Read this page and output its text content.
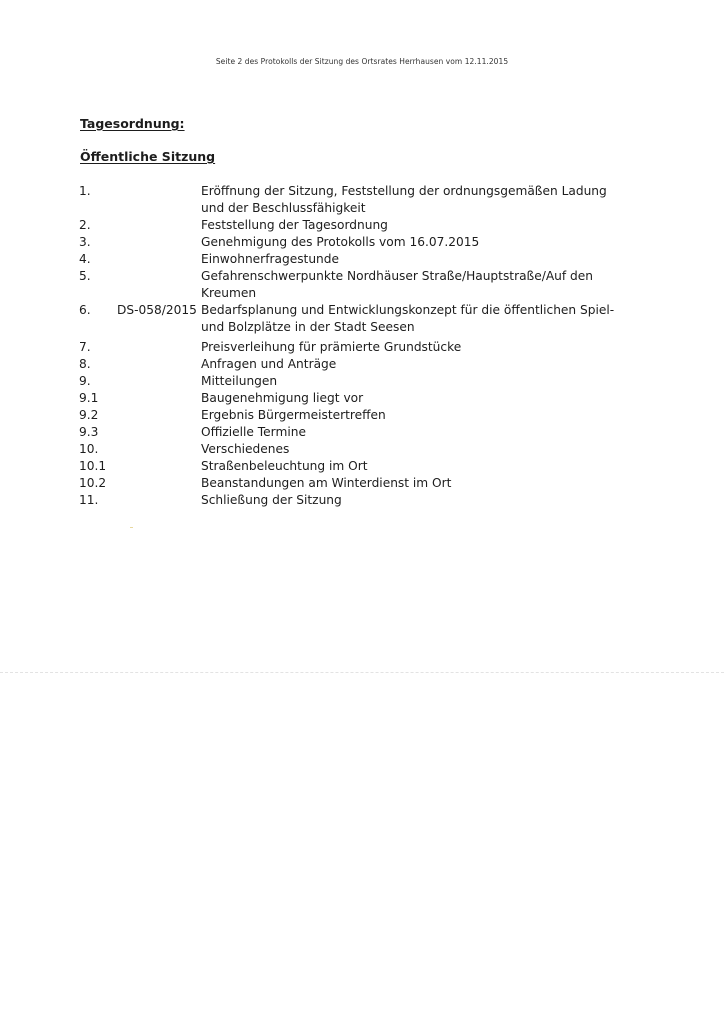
Seite 2 des Protokolls der Sitzung des Ortsrates Herrhausen vom 12.11.2015
Tagesordnung:
Öffentliche Sitzung
1.	Eröffnung der Sitzung, Feststellung der ordnungsgemäßen Ladung und der Beschlussfähigkeit
2.	Feststellung der Tagesordnung
3.	Genehmigung des Protokolls vom 16.07.2015
4.	Einwohnerfragestunde
5.	Gefahrenschwerpunkte Nordhäuser Straße/Hauptstraße/Auf den Kreumen
6.	DS-058/2015 Bedarfsplanung und Entwicklungskonzept für die öffentlichen Spiel- und Bolzplätze in der Stadt Seesen
7.	Preisverleihung für prämierte Grundstücke
8.	Anfragen und Anträge
9.	Mitteilungen
9.1	Baugenehmigung liegt vor
9.2	Ergebnis Bürgermeistertreffen
9.3	Offizielle Termine
10.	Verschiedenes
10.1	Straßenbeleuchtung im Ort
10.2	Beanstandungen am Winterdienst im Ort
11.	Schließung der Sitzung
